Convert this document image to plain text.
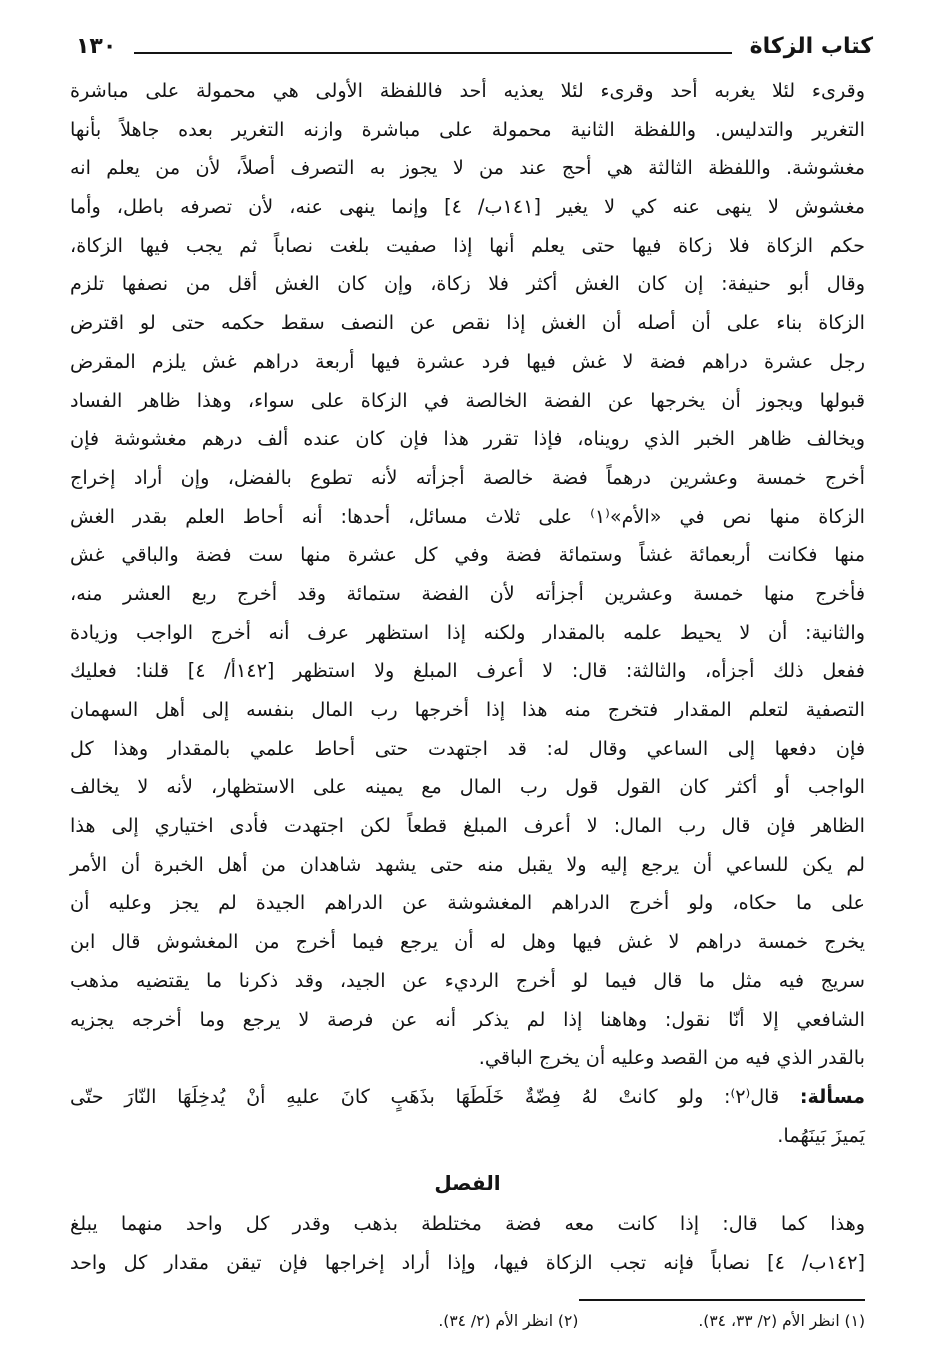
كتاب الزكاة
١٣٠
وقرىء لئلا يغربه أحد وقرىء لئلا يعذيه أحد فاللفظة الأولى هي محمولة على مباشرة
التغرير والتدليس. واللفظة الثانية محمولة على مباشرة وازنه التغرير بعده جاهلاً بأنها
مغشوشة. واللفظة الثالثة هي أحج عند من لا يجوز به التصرف أصلاً، لأن من يعلم انه
مغشوش لا ينهى عنه كي لا يغير [١٤١ب/ ٤] وإنما ينهى عنه، لأن تصرفه باطل، وأما
حكم الزكاة فلا زكاة فيها حتى يعلم أنها إذا صفيت بلغت نصاباً ثم يجب فيها الزكاة،
وقال أبو حنيفة: إن كان الغش أكثر فلا زكاة، وإن كان الغش أقل من نصفها تلزم
الزكاة بناء على أن أصله أن الغش إذا نقص عن النصف سقط حكمه حتى لو اقترض
رجل عشرة دراهم فضة لا غش فيها فرد عشرة فيها أربعة دراهم غش يلزم المقرض
قبولها ويجوز أن يخرجها عن الفضة الخالصة في الزكاة على سواء، وهذا ظاهر الفساد
ويخالف ظاهر الخبر الذي رويناه، فإذا تقرر هذا فإن كان عنده ألف درهم مغشوشة فإن
أخرج خمسة وعشرين درهماً فضة خالصة أجزأته لأنه تطوع بالفضل، وإن أراد إخراج
الزكاة منها نص في «الأم»⁽١⁾ على ثلاث مسائل، أحدها: أنه أحاط العلم بقدر الغش
منها فكانت أربعمائة غشاً وستمائة فضة وفي كل عشرة منها ست فضة والباقي غش
فأخرج منها خمسة وعشرين أجزأته لأن الفضة ستمائة وقد أخرج ربع العشر منه،
والثانية: أن لا يحيط علمه بالمقدار ولكنه إذا استظهر عرف أنه أخرج الواجب وزيادة
ففعل ذلك أجزأه، والثالثة: قال: لا أعرف المبلغ ولا استظهر [١٤٢أ/ ٤] قلنا: فعليك
التصفية لتعلم المقدار فتخرج منه هذا إذا أخرجها رب المال بنفسه إلى أهل السهمان
فإن دفعها إلى الساعي وقال له: قد اجتهدت حتى أحاط علمي بالمقدار وهذا كل
الواجب أو أكثر كان القول قول رب المال مع يمينه على الاستظهار، لأنه لا يخالف
الظاهر فإن قال رب المال: لا أعرف المبلغ قطعاً لكن اجتهدت فأدى اختياري إلى هذا
لم يكن للساعي أن يرجع إليه ولا يقبل منه حتى يشهد شاهدان من أهل الخبرة أن الأمر
على ما حكاه، ولو أخرج الدراهم المغشوشة عن الدراهم الجيدة لم يجز وعليه أن
يخرج خمسة دراهم لا غش فيها وهل له أن يرجع فيما أخرج من المغشوش قال ابن
سريج فيه مثل ما قال فيما لو أخرج الرديء عن الجيد، وقد ذكرنا ما يقتضيه مذهب
الشافعي إلا أنّا نقول: وهاهنا إذا لم يذكر أنه عن فرصة لا يرجع وما أخرجه يجزيه
بالقدر الذي فيه من القصد وعليه أن يخرج الباقي.
مسألة: قال⁽٢⁾: ولو كانتْ لهُ فِضّةٌ خَلَطَهَا بذَهَبٍ كانَ عليهِ أنْ يُدخِلَهَا النّارَ حتّى
يَميزَ بَينَهُما.
الفصل
وهذا كما قال: إذا كانت معه فضة مختلطة بذهب وقدر كل واحد منهما يبلغ
[١٤٢ب/ ٤] نصاباً فإنه تجب الزكاة فيها، وإذا أراد إخراجها فإن تيقن مقدار كل واحد
(١) انظر الأم (٢/ ٣٣، ٣٤).
(٢) انظر الأم (٢/ ٣٤).
